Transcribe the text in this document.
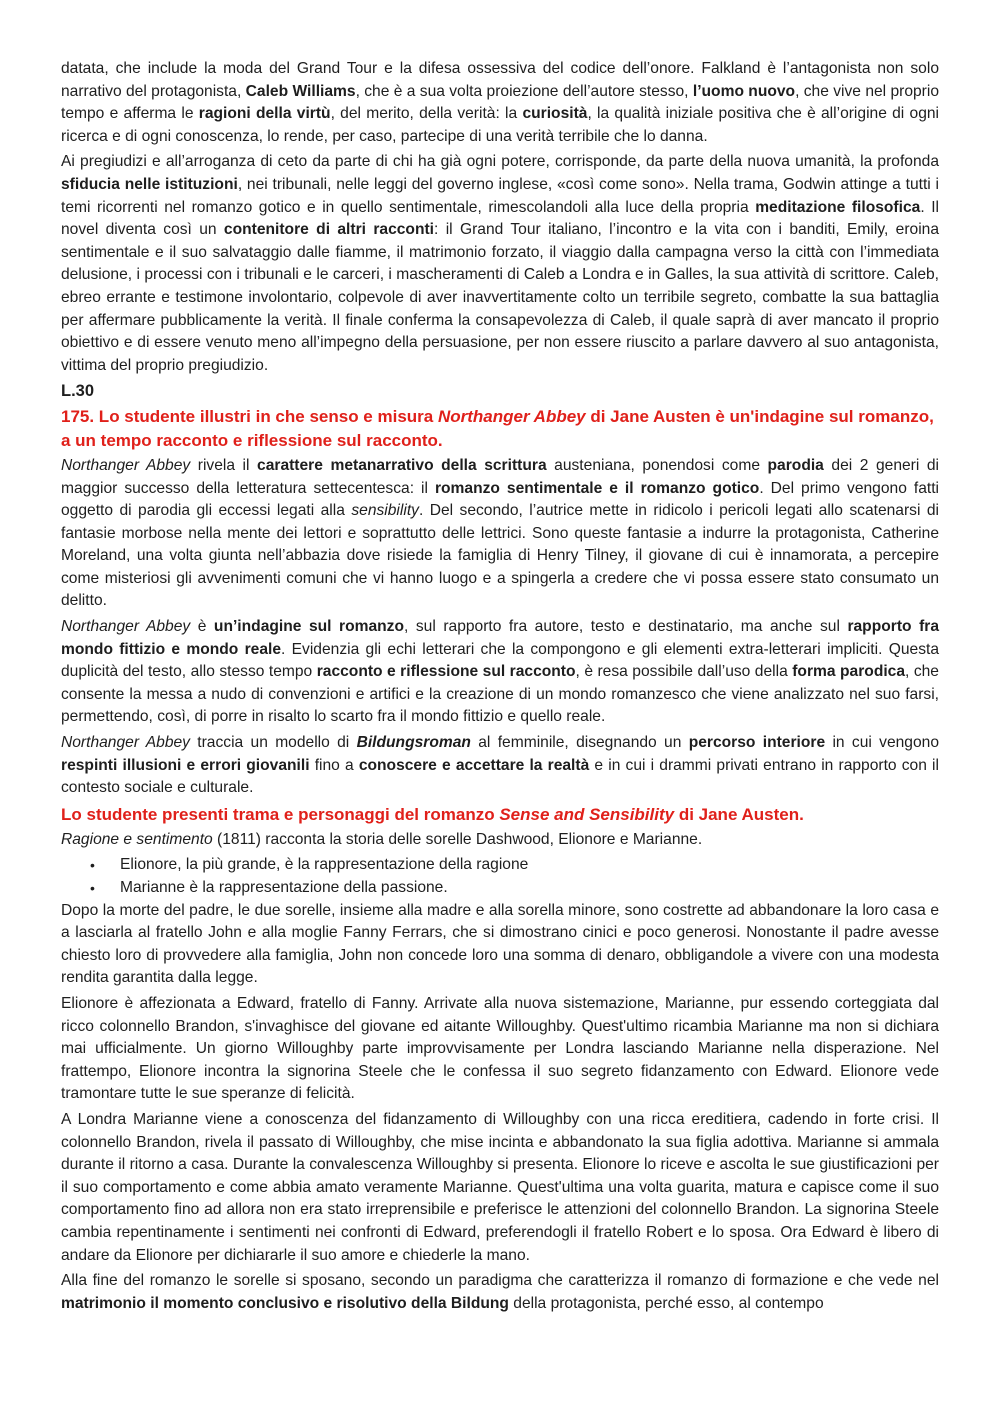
datata, che include la moda del Grand Tour e la difesa ossessiva del codice dell’onore. Falkland è l’antagonista non solo narrativo del protagonista, Caleb Williams, che è a sua volta proiezione dell’autore stesso, l’uomo nuovo, che vive nel proprio tempo e afferma le ragioni della virtù, del merito, della verità: la curiosità, la qualità iniziale positiva che è all’origine di ogni ricerca e di ogni conoscenza, lo rende, per caso, partecipe di una verità terribile che lo danna.

Ai pregiudizi e all’arroganza di ceto da parte di chi ha già ogni potere, corrisponde, da parte della nuova umanità, la profonda sfiducia nelle istituzioni, nei tribunali, nelle leggi del governo inglese, «così come sono». Nella trama, Godwin attinge a tutti i temi ricorrenti nel romanzo gotico e in quello sentimentale, rimescolandoli alla luce della propria meditazione filosofica. Il novel diventa così un contenitore di altri racconti: il Grand Tour italiano, l’incontro e la vita con i banditi, Emily, eroina sentimentale e il suo salvataggio dalle fiamme, il matrimonio forzato, il viaggio dalla campagna verso la città con l’immediata delusione, i processi con i tribunali e le carceri, i mascheramenti di Caleb a Londra e in Galles, la sua attività di scrittore. Caleb, ebreo errante e testimone involontario, colpevole di aver inavvertitamente colto un terribile segreto, combatte la sua battaglia per affermare pubblicamente la verità. Il finale conferma la consapevolezza di Caleb, il quale saprà di aver mancato il proprio obiettivo e di essere venuto meno all’impegno della persuasione, per non essere riuscito a parlare davvero al suo antagonista, vittima del proprio pregiudizio.

L.30

175. Lo studente illustri in che senso e misura Northanger Abbey di Jane Austen è un'indagine sul romanzo, a un tempo racconto e riflessione sul racconto.

Northanger Abbey rivela il carattere metanarrativo della scrittura austeniana, ponendosi come parodia dei 2 generi di maggior successo della letteratura settecentesca: il romanzo sentimentale e il romanzo gotico. Del primo vengono fatti oggetto di parodia gli eccessi legati alla sensibility. Del secondo, l’autrice mette in ridicolo i pericoli legati allo scatenarsi di fantasie morbose nella mente dei lettori e soprattutto delle lettrici. Sono queste fantasie a indurre la protagonista, Catherine Moreland, una volta giunta nell’abbazia dove risiede la famiglia di Henry Tilney, il giovane di cui è innamorata, a percepire come misteriosi gli avvenimenti comuni che vi hanno luogo e a spingerla a credere che vi possa essere stato consumato un delitto.

Northanger Abbey è un’indagine sul romanzo, sul rapporto fra autore, testo e destinatario, ma anche sul rapporto fra mondo fittizio e mondo reale. Evidenzia gli echi letterari che la compongono e gli elementi extra-letterari impliciti. Questa duplicità del testo, allo stesso tempo racconto e riflessione sul racconto, è resa possibile dall’uso della forma parodica, che consente la messa a nudo di convenzioni e artifici e la creazione di un mondo romanzesco che viene analizzato nel suo farsi, permettendo, così, di porre in risalto lo scarto fra il mondo fittizio e quello reale.

Northanger Abbey traccia un modello di Bildungsroman al femminile, disegnando un percorso interiore in cui vengono respinti illusioni e errori giovanili fino a conoscere e accettare la realtà e in cui i drammi privati entrano in rapporto con il contesto sociale e culturale.

Lo studente presenti trama e personaggi del romanzo Sense and Sensibility di Jane Austen.

Ragione e sentimento (1811) racconta la storia delle sorelle Dashwood, Elionore e Marianne.

• Elionore, la più grande, è la rappresentazione della ragione
• Marianne è la rappresentazione della passione.

Dopo la morte del padre, le due sorelle, insieme alla madre e alla sorella minore, sono costrette ad abbandonare la loro casa e a lasciarla al fratello John e alla moglie Fanny Ferrars, che si dimostrano cinici e poco generosi. Nonostante il padre avesse chiesto loro di provvedere alla famiglia, John non concede loro una somma di denaro, obbligandole a vivere con una modesta rendita garantita dalla legge.

Elionore è affezionata a Edward, fratello di Fanny. Arrivate alla nuova sistemazione, Marianne, pur essendo corteggiata dal ricco colonnello Brandon, s'invaghisce del giovane ed aitante Willoughby. Quest'ultimo ricambia Marianne ma non si dichiara mai ufficialmente. Un giorno Willoughby parte improvvisamente per Londra lasciando Marianne nella disperazione. Nel frattempo, Elionore incontra la signorina Steele che le confessa il suo segreto fidanzamento con Edward. Elionore vede tramontare tutte le sue speranze di felicità.

A Londra Marianne viene a conoscenza del fidanzamento di Willoughby con una ricca ereditiera, cadendo in forte crisi. Il colonnello Brandon, rivela il passato di Willoughby, che mise incinta e abbandonato la sua figlia adottiva. Marianne si ammala durante il ritorno a casa. Durante la convalescenza Willoughby si presenta. Elionore lo riceve e ascolta le sue giustificazioni per il suo comportamento e come abbia amato veramente Marianne. Quest'ultima una volta guarita, matura e capisce come il suo comportamento fino ad allora non era stato irreprensibile e preferisce le attenzioni del colonnello Brandon. La signorina Steele cambia repentinamente i sentimenti nei confronti di Edward, preferendogli il fratello Robert e lo sposa. Ora Edward è libero di andare da Elionore per dichiararle il suo amore e chiederle la mano.

Alla fine del romanzo le sorelle si sposano, secondo un paradigma che caratterizza il romanzo di formazione e che vede nel matrimonio il momento conclusivo e risolutivo della Bildung della protagonista, perché esso, al contempo
